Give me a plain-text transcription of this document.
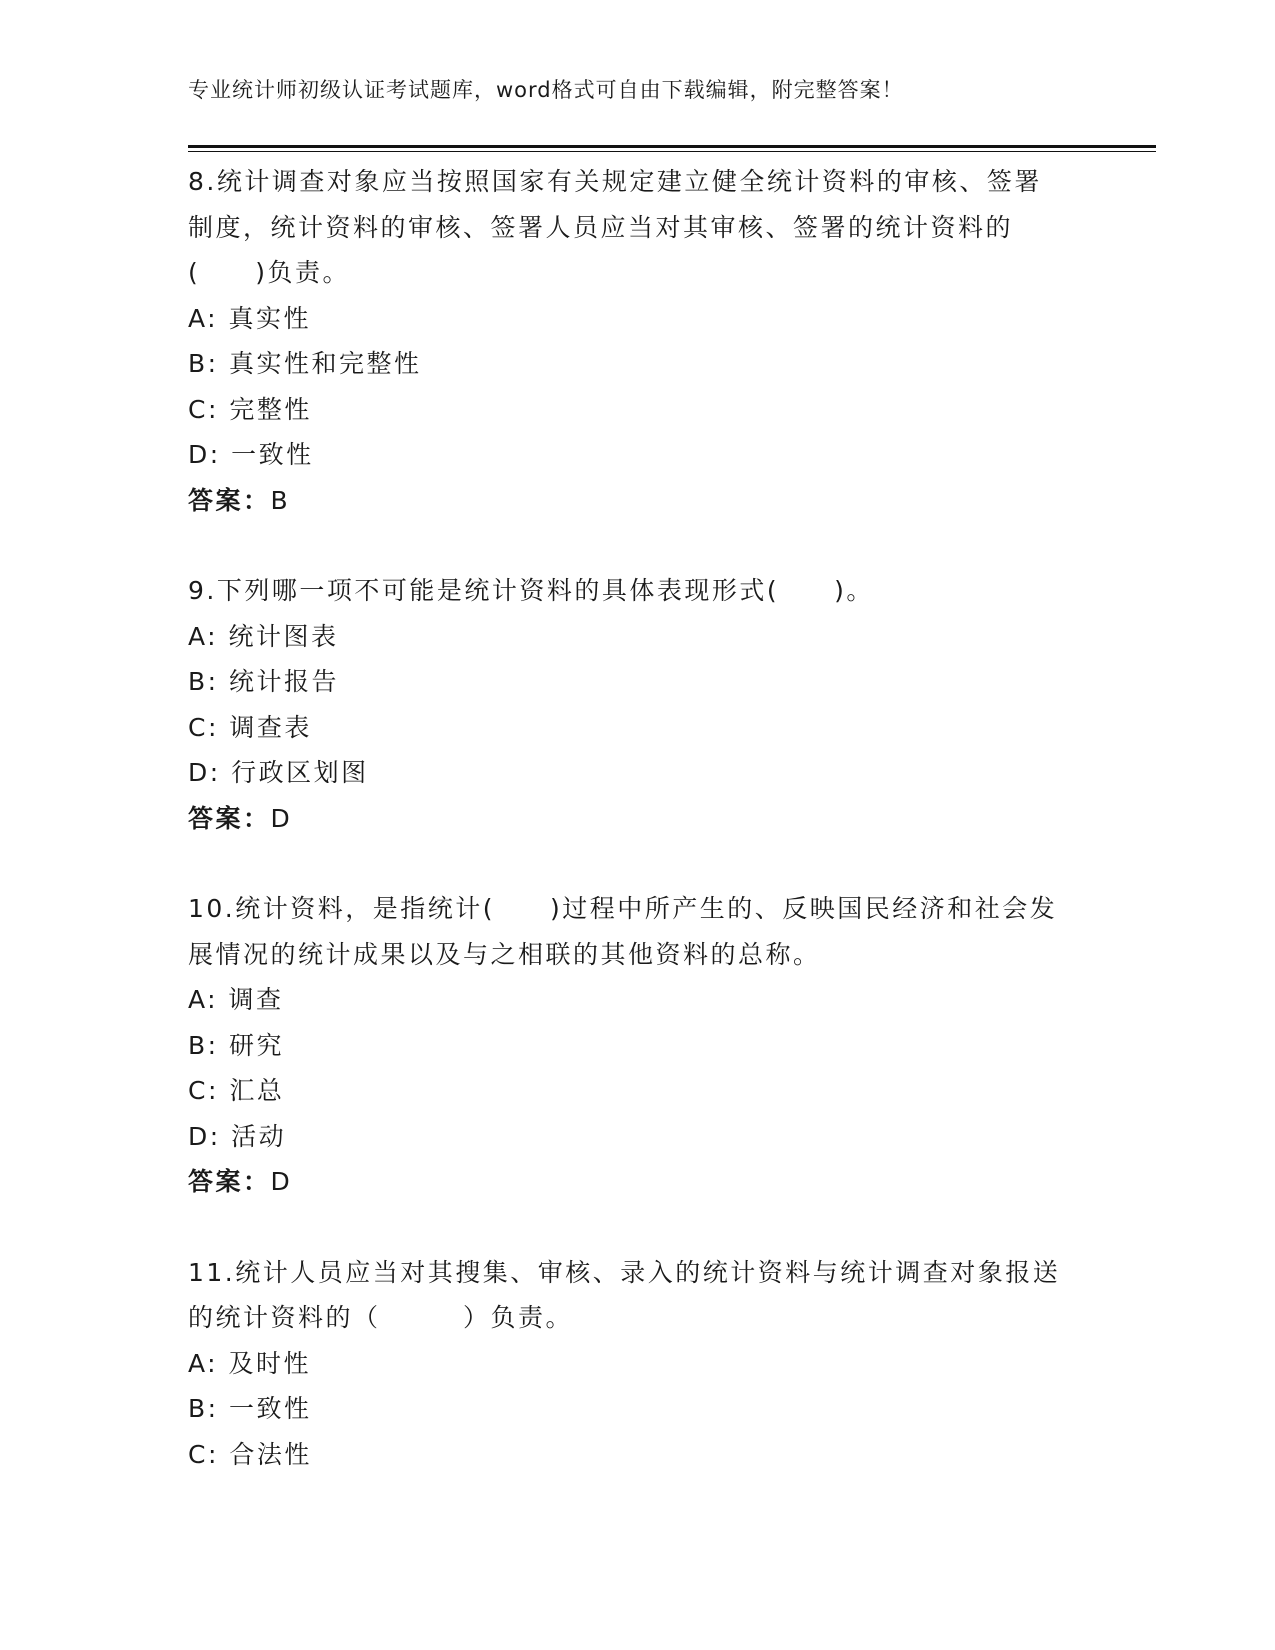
专业统计师初级认证考试题库，word格式可自由下载编辑，附完整答案！

8.统计调查对象应当按照国家有关规定建立健全统计资料的审核、签署制度，统计资料的审核、签署人员应当对其审核、签署的统计资料的(　　)负责。

A: 真实性

B: 真实性和完整性

C: 完整性

D: 一致性

答案：B

9.下列哪一项不可能是统计资料的具体表现形式(　　)。

A: 统计图表

B: 统计报告

C: 调查表

D: 行政区划图

答案：D

10.统计资料，是指统计(　　)过程中所产生的、反映国民经济和社会发展情况的统计成果以及与之相联的其他资料的总称。

A: 调查

B: 研究

C: 汇总

D: 活动

答案：D

11.统计人员应当对其搜集、审核、录入的统计资料与统计调查对象报送的统计资料的（　　　）负责。

A: 及时性

B: 一致性

C: 合法性
